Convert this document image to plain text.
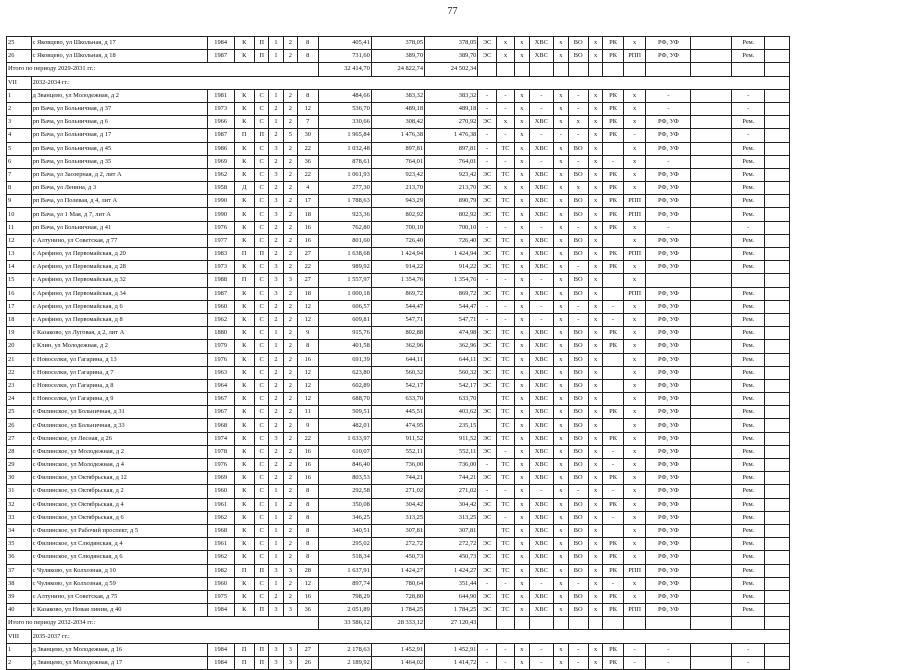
77
25	с Яковцево, ул Школьная, д 17	1984	К	П	1	2	8	405,41	378,05	378,05	ЭС	х	х	ХВС	х	ВО	х	РК	х	РФ, УФ		Рем.	
26	с Яковцево, ул Школьная, д 18	1987	К	П	1	2	8	731,60	389,70	389,70	ЭС	х	х	ХВС	х	ВО	х	РК	РПП	РФ, УФ		Рем.	
Итого по периоду 2029-2031 гг.:								32 414,70	24 822,74	24 502,34													
VII	2032-2034 гг.:																						
1	д Званцево, ул Молодежная, д 2	1981	К	С	1	2	8	484,66	383,32	383,32	-	-	х	-	х	-	х	РК	х	-		-	
2	рп Вача, ул Больничная, д 37	1973	К	С	2	2	12	536,70	489,18	489,18	-	-	х	-	х	-	х	РК	х	-		-	
3	рп Вача, ул Больничная, д 6	1966	К	С	1	2	7	330,66	308,42	270,92	ЭС	х	х	ХВС	х	х	х	РК	х	РФ, УФ		Рем.	
4	рп Вача, ул Больничная, д 17	1987	П	П	2	5	30	1 965,84	1 476,38	1 476,38	-	-	х	-	-	-	х	РК	-	РФ, УФ		-	
5	рп Вача, ул Больничная, д 45	1986	К	С	3	2	22	1 032,48	897,81	897,81	-	ТС	х	ХВС	х	ВО	х		х	РФ, УФ		Рем.	
6	рп Вача, ул Больничная, д 35	1969	К	С	2	2	36	878,61	764,01	764,01	-	-	х	-	х	-	х	-	х	-		Рем.	
7	рп Вача, ул Заозерная, д 2, лит А	1962	К	С	3	2	22	1 061,93	923,42	923,42	ЭС	ТС	х	ХВС	х	ВО	х	РК	х	РФ, УФ		Рем.	
8	рп Вача, ул Ленина, д 3	1958	Д	С	2	2	4	277,30	213,70	213,70	ЭС	х	х	ХВС	х	х	х	РК	х	РФ, УФ		Рем.	
9	рп Вача, ул Полевая, д 4, лит А	1990	К	С	3	2	17	1 788,63	943,29	890,79	ЭС	ТС	х	ХВС	х	ВО	х	РК	РПП	РФ, УФ		Рем.	
10	рп Вача, ул 1 Мая, д 7, лит А	1990	К	С	3	2	18	923,36	802,92	802,92	ЭС	ТС	х	ХВС	х	ВО	х	РК	РПП	РФ, УФ		Рем.	
11	рп Вача, ул Больничная, д 41	1976	К	С	2	2	16	762,80	700,10	700,10	-	-	х	-	х	-	х	РК	х	-		-	
12	с Алтунино, ул Советская, д 77	1977	К	С	2	2	16	801,60	726,40	726,40	ЭС	ТС	х	ХВС	х	ВО	х		х	РФ, УФ		Рем.	
13	с Арефино, ул Первомайская, д 20	1983	П	П	2	2	27	1 638,68	1 424,94	1 424,94	ЭС	ТС	х	ХВС	х	ВО	х	РК	РПП	РФ, УФ		Рем.	
14	с Арефино, ул Первомайская, д 28	1973	К	С	3	2	22	989,92	914,22	914,22	ЭС	ТС	х	ХВС	х	-	х	РК	х	РФ, УФ		Рем.	
15	с Арефино, ул Первомайская, д 32	1988	П	С	3	3	27	1 557,97	1 354,76	1 354,76	-	-	х	-	х	ВО	х		х				
16	с Арефино, ул Первомайская, д 34	1987	К	С	3	2	18	1 000,18	869,72	869,72	ЭС	ТС	х	ХВС	х	ВО	х		РПП	РФ, УФ		Рем.	
17	с Арефино, ул Первомайская, д 6	1960	К	С	2	2	12	606,57	544,47	544,47	-	-	х	-	х	-	х	-	х	РФ, УФ		Рем.	
18	с Арефино, ул Первомайская, д 8	1962	К	С	2	2	12	609,81	547,71	547,71	-	-	х	-	х	-	х	-	х	РФ, УФ		Рем.	
19	с Казаково, ул Луговая, д 2, лит А	1880	К	С	1	2	9	915,76	802,88	474,98	ЭС	ТС	х	ХВС	х	ВО	х	РК	х	РФ, УФ		Рем.	
20	с Клин, ул Молодежная, д 2	1979	К	С	1	2	8	401,58	362,96	362,96	ЭС	ТС	х	ХВС	х	ВО	х	РК	х	РФ, УФ		Рем.	
21	с Новоселки, ул Гагарина, д 13	1976	К	С	2	2	16	691,39	644,11	644,11	ЭС	ТС	х	ХВС	х	ВО	х		х	РФ, УФ		Рем.	
22	с Новоселки, ул Гагарина, д 7	1963	К	С	2	2	12	623,80	560,32	560,32	ЭС	ТС	х	ХВС	х	ВО	х		х	РФ, УФ		Рем.	
23	с Новоселки, ул Гагарина, д 8	1964	К	С	2	2	12	602,89	542,17	542,17	ЭС	ТС	х	ХВС	х	ВО	х		х	РФ, УФ		Рем.	
24	с Новоселки, ул Гагарина, д 9	1967	К	С	2	2	12	688,70	633,70	633,70		ТС	х	ХВС	х	ВО	х		х	РФ, УФ		Рем.	
25	с Филинское, ул Больничная, д 31	1967	К	С	2	2	11	509,51	445,51	403,62	ЭС	ТС	х	ХВС	х	ВО	х	РК	х	РФ, УФ		Рем.	
26	с Филинское, ул Больничная, д 33	1968	К	С	2	2	9	482,01	474,95	235,15		ТС	х	ХВС	х	ВО	х		х	РФ, УФ		Рем.	
27	с Филинское, ул Лесная, д 26	1974	К	С	3	2	22	1 633,97	911,52	911,52	ЭС	ТС	х	ХВС	х	ВО	х	РК	х	РФ, УФ		Рем.	
28	с Филинское, ул Молодежная, д 2	1978	К	С	2	2	16	610,07	552,11	552,11	ЭС	-	х	ХВС	х	ВО	х	-	х	РФ, УФ		Рем.	
29	с Филинское, ул Молодежная, д 4	1976	К	С	2	2	16	846,40	736,00	736,00	-	ТС	х	ХВС	х	ВО	х	-	х	РФ, УФ		Рем.	
30	с Филинское, ул Октябрьская, д 12	1969	К	С	2	2	16	803,53	744,21	744,21	ЭС	ТС	х	ХВС	х	ВО	х	РК	х	РФ, УФ		Рем.	
31	с Филинское, ул Октябрьская, д 2	1960	К	С	1	2	8	292,58	271,02	271,02	-	-	х	-	х	-	х	-	х	РФ, УФ		Рем.	
32	с Филинское, ул Октябрьская, д 4	1961	К	С	1	2	8	350,08	304,42	304,42	ЭС	ТС	х	ХВС	х	ВО	х	РК	х	РФ, УФ		Рем.	
33	с Филинское, ул Октябрьская, д 6	1962	К	С	1	2	8	346,25	313,25	313,25	ЭС	-	х	ХВС	х	ВО	х	-	х	РФ, УФ		Рем.	
34	с Филинское, ул Рабочий проспект, д 5	1968	К	С	1	2	8	340,51	307,81	307,81		ТС	х	ХВС	х	ВО	х		х	РФ, УФ		Рем.	
35	с Филинское, ул Слюдянская, д 4	1961	К	С	1	2	8	295,02	272,72	272,72	ЭС	ТС	х	ХВС	х	ВО	х	РК	х	РФ, УФ		Рем.	
36	с Филинское, ул Слюдянская, д 6	1962	К	С	1	2	8	518,34	450,73	450,73	ЭС	ТС	х	ХВС	х	ВО	х	РК	х	РФ, УФ		Рем.	
37	с Чуляково, ул Колхозная, д 10	1982	П	П	3	3	28	1 637,91	1 424,27	1 424,27	ЭС	ТС	х	ХВС	х	ВО	х	РК	РПП	РФ, УФ		Рем.	
38	с Чуляково, ул Колхозная, д 59	1960	К	С	1	2	12	897,74	780,64	351,44	-	-	х	-	х	-	х	-	х	РФ, УФ		Рем.	
39	с Алтунино, ул Советская, д 75	1975	К	С	2	2	16	798,29	728,80	644,90	ЭС	ТС	х	ХВС	х	ВО	х	РК	х	РФ, УФ		Рем.	
40	с Казаково, ул Новая линия, д 40	1984	К	П	3	3	36	2 051,89	1 784,25	1 784,25	ЭС	ТС	х	ХВС	х	ВО	х	РК	РПП	РФ, УФ		Рем.	
Итого по периоду 2032-2034 гг.:								33 586,12	28 333,12	27 120,43													
VIII	2035-2037 гг.:																						
1	д Званцево, ул Молодежная, д 16	1984	П	П	3	3	27	2 178,63	1 452,91	1 452,91	-	-	х	-	х	-	х	РК	-	-		-	
2	д Званцево, ул Молодежная, д 17	1984	П	П	3	3	26	2 189,92	1 464,02	1 414,72	-	-	х	-	х	-	х	РК	-	-		-	
